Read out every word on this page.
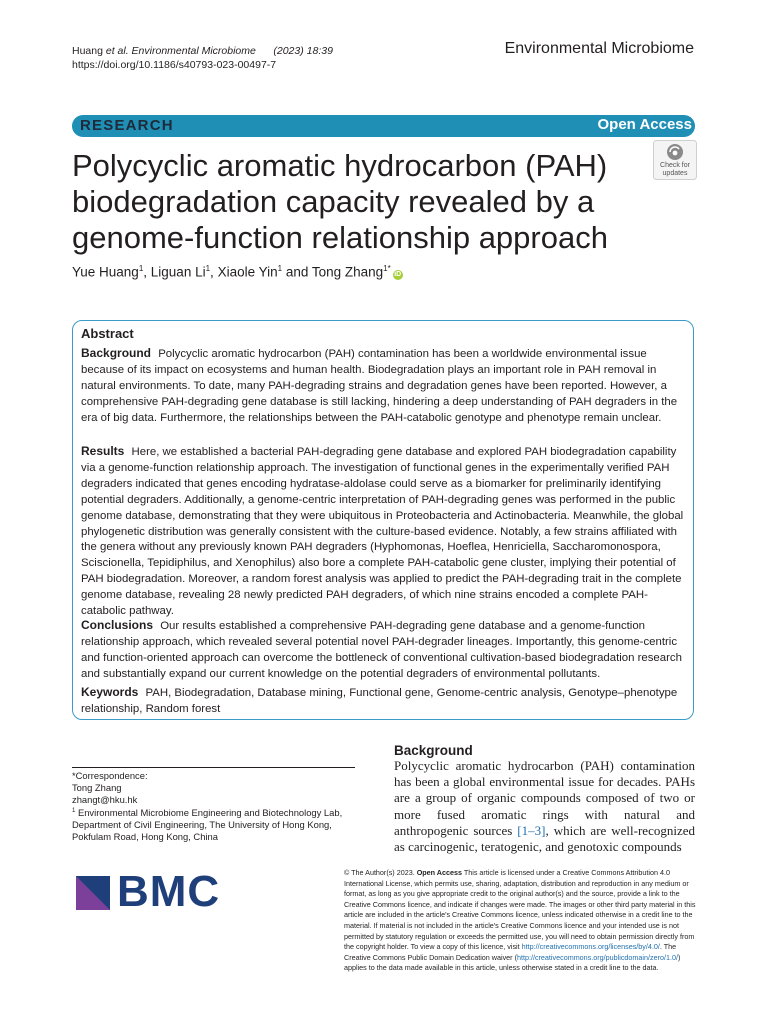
Huang et al. Environmental Microbiome (2023) 18:39
https://doi.org/10.1186/s40793-023-00497-7
Environmental Microbiome
RESEARCH	Open Access
Check for
updates
Polycyclic aromatic hydrocarbon (PAH) biodegradation capacity revealed by a genome-function relationship approach
Yue Huang$^1$, Liguan Li$^1$, Xiaole Yin$^1$ and Tong Zhang$^{1*}$iD
Abstract
Background Polycyclic aromatic hydrocarbon (PAH) contamination has been a worldwide environmental issue because of its impact on ecosystems and human health. Biodegradation plays an important role in PAH removal in natural environments. To date, many PAH-degrading strains and degradation genes have been reported. However, a comprehensive PAH-degrading gene database is still lacking, hindering a deep understanding of PAH degraders in the era of big data. Furthermore, the relationships between the PAH-catabolic genotype and phenotype remain unclear.
Results Here, we established a bacterial PAH-degrading gene database and explored PAH biodegradation capability via a genome-function relationship approach. The investigation of functional genes in the experimentally verified PAH degraders indicated that genes encoding hydratase-aldolase could serve as a biomarker for preliminarily identifying potential degraders. Additionally, a genome-centric interpretation of PAH-degrading genes was performed in the public genome database, demonstrating that they were ubiquitous in Proteobacteria and Actinobacteria. Meanwhile, the global phylogenetic distribution was generally consistent with the culture-based evidence. Notably, a few strains affiliated with the genera without any previously known PAH degraders (Hyphomonas, Hoeflea, Henriciella, Saccharomonospora, Sciscionella, Tepidiphilus, and Xenophilus) also bore a complete PAH-catabolic gene cluster, implying their potential of PAH biodegradation. Moreover, a random forest analysis was applied to predict the PAH-degrading trait in the complete genome database, revealing 28 newly predicted PAH degraders, of which nine strains encoded a complete PAH-catabolic pathway.
Conclusions Our results established a comprehensive PAH-degrading gene database and a genome-function relationship approach, which revealed several potential novel PAH-degrader lineages. Importantly, this genome-centric and function-oriented approach can overcome the bottleneck of conventional cultivation-based biodegradation research and substantially expand our current knowledge on the potential degraders of environmental pollutants.
Keywords PAH, Biodegradation, Database mining, Functional gene, Genome-centric analysis, Genotype–phenotype relationship, Random forest
*Correspondence:
Tong Zhang
zhangt@hku.hk
$^1$ Environmental Microbiome Engineering and Biotechnology Lab, Department of Civil Engineering, The University of Hong Kong, Pokfulam Road, Hong Kong, China
Background
Polycyclic aromatic hydrocarbon (PAH) contamination has been a global environmental issue for decades. PAHs are a group of organic compounds composed of two or more fused aromatic rings with natural and anthropogenic sources [1–3], which are well-recognized as carcinogenic, teratogenic, and genotoxic compounds
BMC	© The Author(s) 2023. Open Access This article is licensed under a Creative Commons Attribution 4.0 International License, which permits use, sharing, adaptation, distribution and reproduction in any medium or format, as long as you give appropriate credit to the original author(s) and the source, provide a link to the Creative Commons licence, and indicate if changes were made. The images or other third party material in this article are included in the article's Creative Commons licence, unless indicated otherwise in a credit line to the material. If material is not included in the article's Creative Commons licence and your intended use is not permitted by statutory regulation or exceeds the permitted use, you will need to obtain permission directly from the copyright holder. To view a copy of this licence, visit http://creativecommons.org/licenses/by/4.0/. The Creative Commons Public Domain Dedication waiver (http://creativecommons.org/publicdomain/zero/1.0/) applies to the data made available in this article, unless otherwise stated in a credit line to the data.
